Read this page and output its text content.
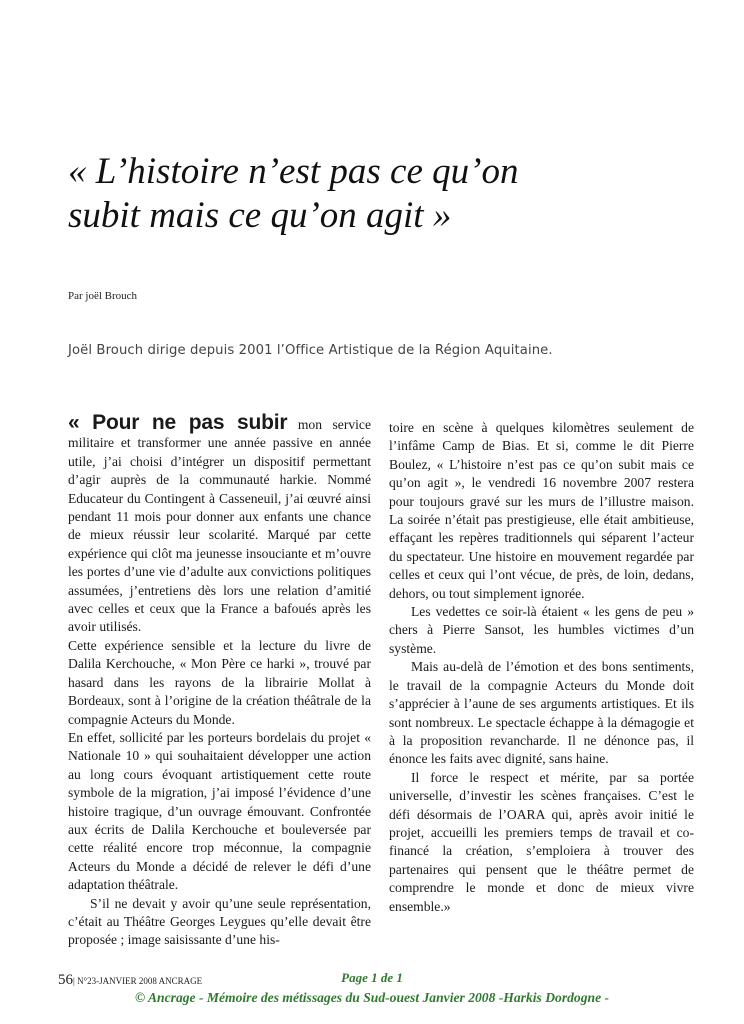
« L’histoire n’est pas ce qu’on
subit mais ce qu’on agit »
Par joël Brouch
Joël Brouch dirige depuis 2001 l’Office Artistique de la Région Aquitaine.

« Pour ne pas subir mon service militaire et transformer une année passive en année utile, j’ai choisi d’intégrer un dispositif permettant d’agir auprès de la communauté harkie. Nommé Educateur du Contingent à Casseneuil, j’ai œuvré ainsi pendant 11 mois pour donner aux enfants une chance de mieux réussir leur scolarité. Marqué par cette expérience qui clôt ma jeunesse insouciante et m’ouvre les portes d’une vie d’adulte aux convictions politiques assumées, j’entretiens dès lors une relation d’amitié avec celles et ceux que la France a bafoués après les avoir utilisés.

Cette expérience sensible et la lecture du livre de Dalila Kerchouche, « Mon Père ce harki », trouvé par hasard dans les rayons de la librairie Mollat à Bordeaux, sont à l’origine de la création théâtrale de la compagnie Acteurs du Monde.

En effet, sollicité par les porteurs bordelais du projet « Nationale 10 » qui souhaitaient développer une action au long cours évoquant artistiquement cette route symbole de la migration, j’ai imposé l’évidence d’une histoire tragique, d’un ouvrage émouvant. Confrontée aux écrits de Dalila Kerchouche et bouleversée par cette réalité encore trop méconnue, la compagnie Acteurs du Monde a décidé de relever le défi d’une adaptation théâtrale.

S’il ne devait y avoir qu’une seule représentation, c’était au Théâtre Georges Leygues qu’elle devait être proposée ; image saisissante d’une his-

toire en scène à quelques kilomètres seulement de l’infâme Camp de Bias. Et si, comme le dit Pierre Boulez, « L’histoire n’est pas ce qu’on subit mais ce qu’on agit », le vendredi 16 novembre 2007 restera pour toujours gravé sur les murs de l’illustre maison. La soirée n’était pas prestigieuse, elle était ambitieuse, effaçant les repères traditionnels qui séparent l’acteur du spectateur. Une histoire en mouvement regardée par celles et ceux qui l’ont vécue, de près, de loin, dedans, dehors, ou tout simplement ignorée.

Les vedettes ce soir-là étaient « les gens de peu » chers à Pierre Sansot, les humbles victimes d’un système.

Mais au-delà de l’émotion et des bons sentiments, le travail de la compagnie Acteurs du Monde doit s’apprécier à l’aune de ses arguments artistiques. Et ils sont nombreux. Le spectacle échappe à la démagogie et à la proposition revancharde. Il ne dénonce pas, il énonce les faits avec dignité, sans haine.

Il force le respect et mérite, par sa portée universelle, d’investir les scènes françaises. C’est le défi désormais de l’OARA qui, après avoir initié le projet, accueilli les premiers temps de travail et co- financé la création, s’emploiera à trouver des partenaires qui pensent que le théâtre permet de comprendre le monde et donc de mieux vivre ensemble.»

56| N°23-JANVIER 2008 ANCRAGE	Page 1 de 1
© Ancrage - Mémoire des métissages du Sud-ouest Janvier 2008 -Harkis Dordogne -
